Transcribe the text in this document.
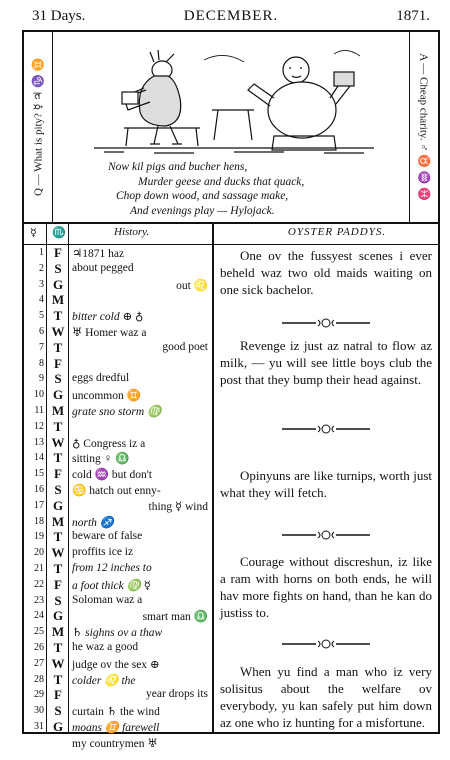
31 Days.	DECEMBER.	1871.
Q — What is pity? ☿ ♃ ♑ ♊	A — Cheap charity. ♂ ♉ ♒ ♓
Now kil pigs and bucher hens,
Murder geese and ducks that quack,
Chop down wood, and sassage make,
And evenings play — Hylojack.
☿ ♏	History.	OYSTER PADDYS.
1 F ♃1871 haz
2 S about pegged
3 G	out ♌
4 M
5 T bitter cold ⊕ ♁
6 W ♅ Homer waz a
7 T	good poet
8 F
9 S eggs dredful
10 G uncommon ♊
11 M grate sno storm ♍
12 T
13 W ♁ Congress iz a
14 T sitting ♀ ♎
15 F cold ♒ but don't
16 S ♋ hatch out enny-
17 G	thing ☿ wind
18 M north ♐
19 T beware of false
20 W proffits ice iz
21 T from 12 inches to
22 F a foot thick ♍ ☿
23 S Soloman waz a
24 G	smart man ♎
25 M ♄ sighns ov a thaw
26 T he waz a good
27 W judge ov the sex ⊕
28 T colder ♌ the
29 F	year drops its
30 S curtain ♄ the wind
31 G moans ♊ farewell
my countrymen ♅
One ov the fussyest scenes i ever beheld waz two old maids waiting on one sick bachelor.
Revenge iz just az natral to flow az milk, — yu will see little boys club the post that they bump their head against.
Opinyuns are like turnips, worth just what they will fetch.
Courage without discreshun, iz like a ram with horns on both ends, he will hav more fights on hand, than he kan do justiss to.
When yu find a man who iz very solisitus about the welfare ov everybody, yu kan safely put him down az one who iz hunting for a misfortune.
